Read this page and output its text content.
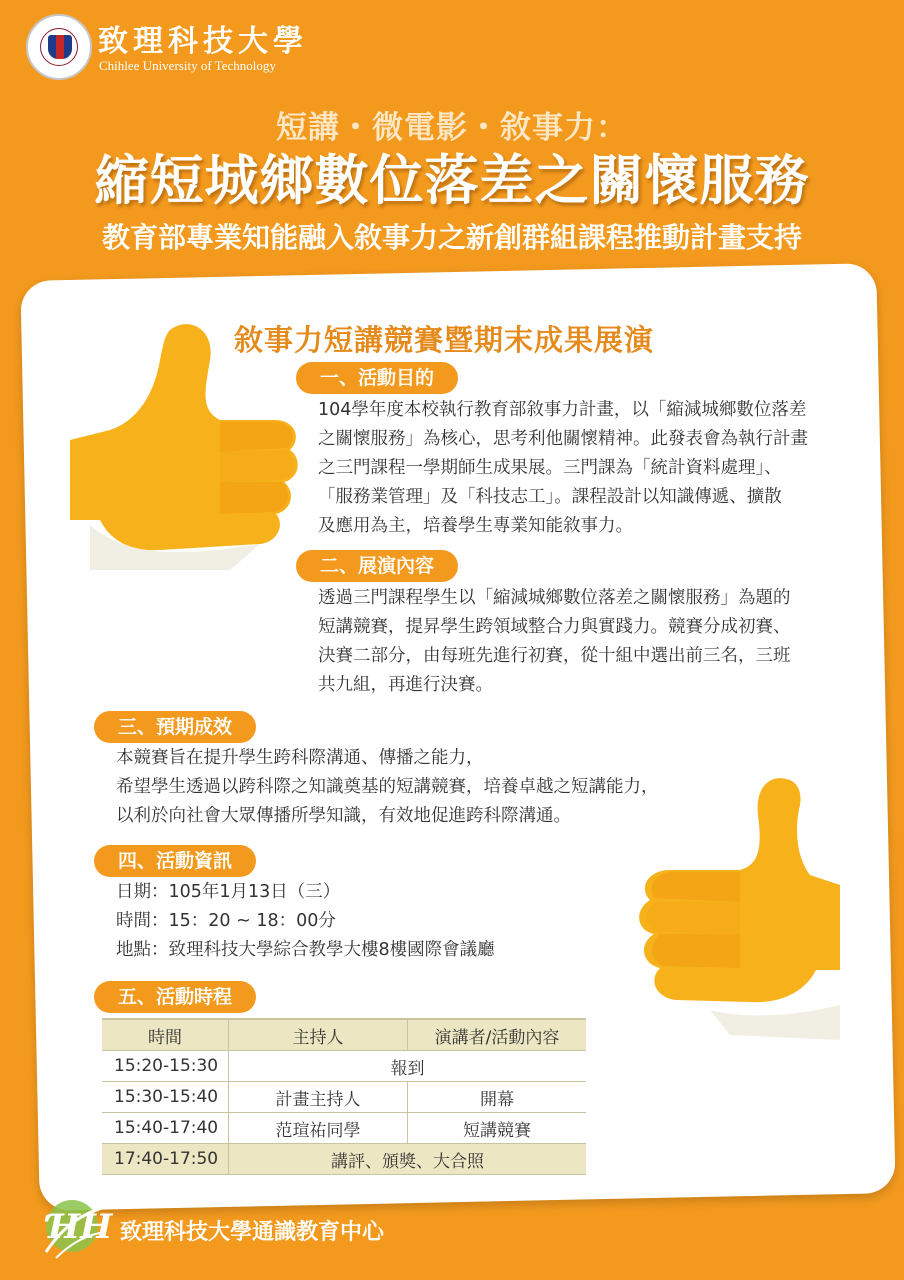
致理科技大學
Chihlee University of Technology
短講・微電影・敘事力：
縮短城鄉數位落差之關懷服務
教育部專業知能融入敘事力之新創群組課程推動計畫支持
敘事力短講競賽暨期末成果展演
一、活動目的
104學年度本校執行教育部敘事力計畫，以「縮減城鄉數位落差
之關懷服務」為核心，思考利他關懷精神。此發表會為執行計畫
之三門課程一學期師生成果展。三門課為「統計資料處理」、
「服務業管理」及「科技志工」。課程設計以知識傳遞、擴散
及應用為主，培養學生專業知能敘事力。
二、展演內容
透過三門課程學生以「縮減城鄉數位落差之關懷服務」為題的
短講競賽，提昇學生跨領域整合力與實踐力。競賽分成初賽、
決賽二部分，由每班先進行初賽，從十組中選出前三名，三班
共九組，再進行決賽。
三、預期成效
本競賽旨在提升學生跨科際溝通、傳播之能力，
希望學生透過以跨科際之知識奠基的短講競賽，培養卓越之短講能力，
以利於向社會大眾傳播所學知識，有效地促進跨科際溝通。
四、活動資訊
日期：105年1月13日（三）
時間：15：20 ~ 18：00分
地點：致理科技大學綜合教學大樓8樓國際會議廳
五、活動時程
時間	主持人	演講者/活動內容
15:20-15:30	報到	
15:30-15:40	計畫主持人	開幕
15:40-17:40	范瑄祐同學	短講競賽
17:40-17:50	講評、頒獎、大合照	
ꞪH 致理科技大學通識教育中心
